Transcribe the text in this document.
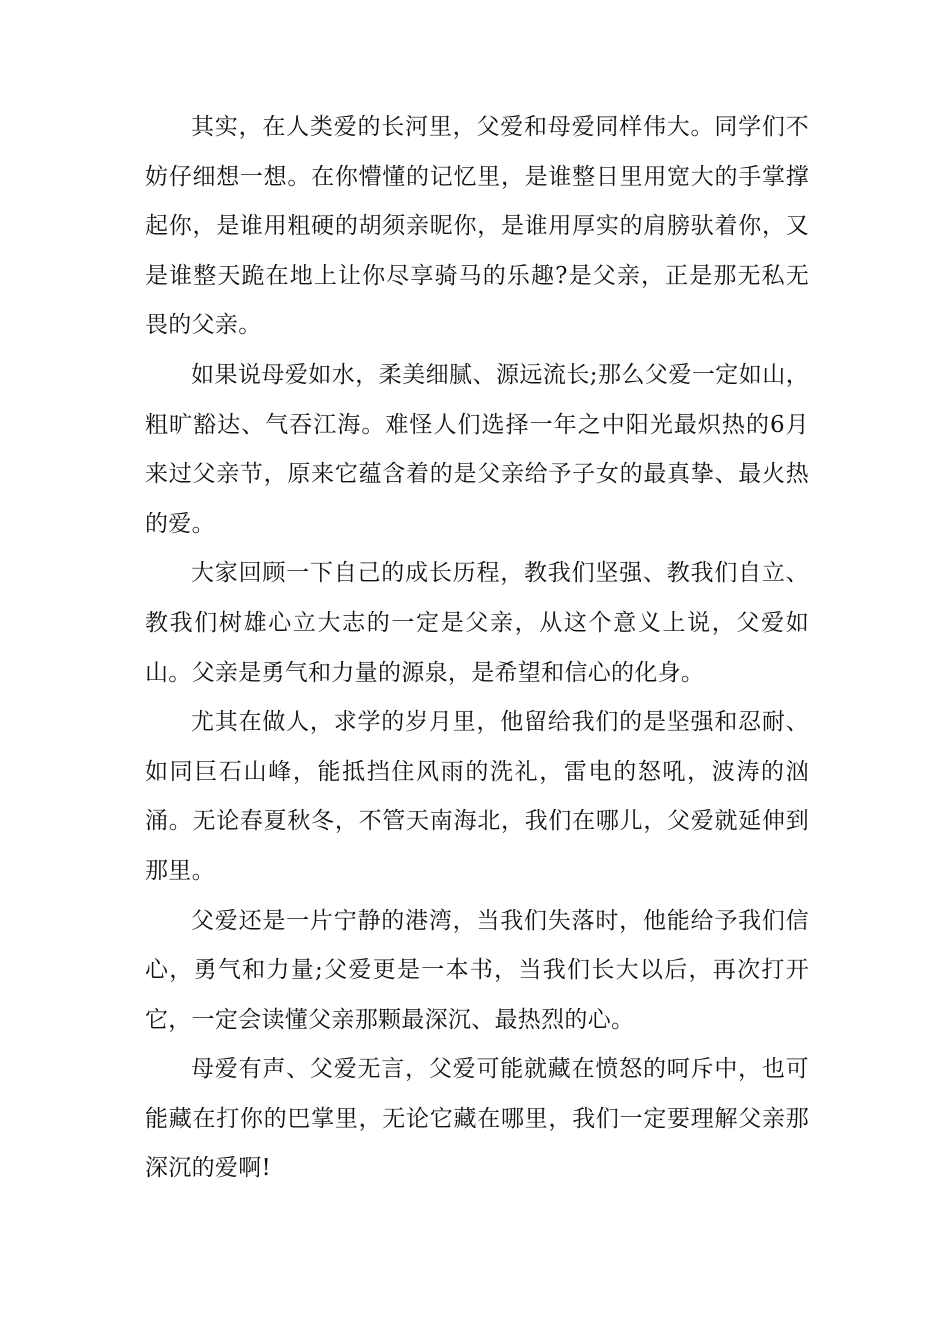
其实，在人类爱的长河里，父爱和母爱同样伟大。同学们不妨仔细想一想。在你懵懂的记忆里，是谁整日里用宽大的手掌撑起你，是谁用粗硬的胡须亲昵你，是谁用厚实的肩膀驮着你，又是谁整天跪在地上让你尽享骑马的乐趣?是父亲，正是那无私无畏的父亲。

如果说母爱如水，柔美细腻、源远流长;那么父爱一定如山，粗旷豁达、气吞江海。难怪人们选择一年之中阳光最炽热的6月来过父亲节，原来它蕴含着的是父亲给予子女的最真挚、最火热的爱。

大家回顾一下自己的成长历程，教我们坚强、教我们自立、教我们树雄心立大志的一定是父亲，从这个意义上说，父爱如山。父亲是勇气和力量的源泉，是希望和信心的化身。

尤其在做人，求学的岁月里，他留给我们的是坚强和忍耐、如同巨石山峰，能抵挡住风雨的洗礼，雷电的怒吼，波涛的汹涌。无论春夏秋冬，不管天南海北，我们在哪儿，父爱就延伸到那里。

父爱还是一片宁静的港湾，当我们失落时，他能给予我们信心，勇气和力量;父爱更是一本书，当我们长大以后，再次打开它，一定会读懂父亲那颗最深沉、最热烈的心。

母爱有声、父爱无言，父爱可能就藏在愤怒的呵斥中，也可能藏在打你的巴掌里，无论它藏在哪里，我们一定要理解父亲那深沉的爱啊!
